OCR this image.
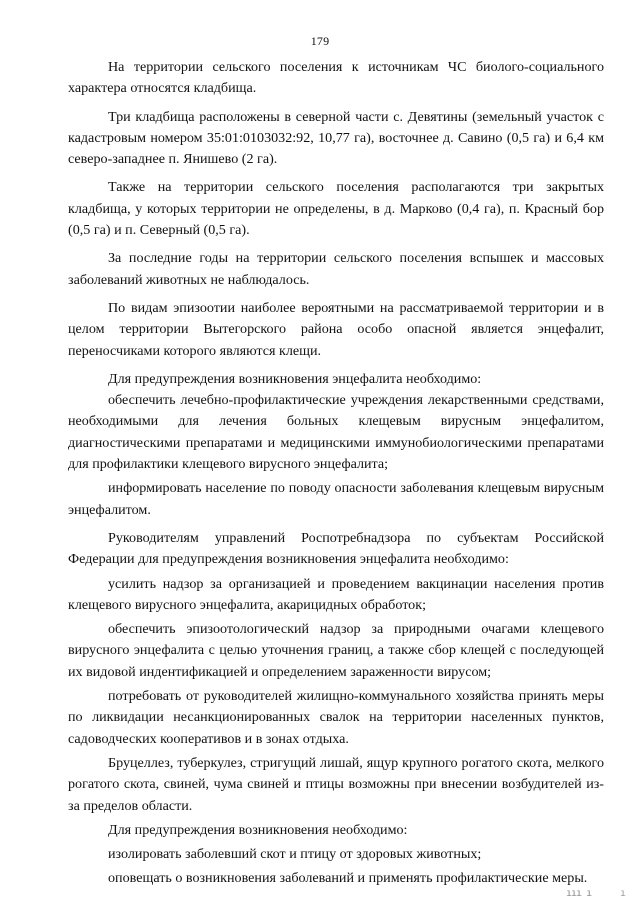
179

На территории сельского поселения к источникам ЧС биолого-социального характера относятся кладбища.

Три кладбища расположены в северной части с. Девятины (земельный участок с кадастровым номером 35:01:0103032:92, 10,77 га), восточнее д. Савино (0,5 га) и 6,4 км северо-западнее п. Янишево (2 га).

Также на территории сельского поселения располагаются три закрытых кладбища, у которых территории не определены, в д. Марково (0,4 га), п. Красный бор (0,5 га) и п. Северный (0,5 га).

За последние годы на территории сельского поселения вспышек и массовых заболеваний животных не наблюдалось.

По видам эпизоотии наиболее вероятными на рассматриваемой территории и в целом территории Вытегорского района особо опасной является энцефалит, переносчиками которого являются клещи.

Для предупреждения возникновения энцефалита необходимо:

обеспечить лечебно-профилактические учреждения лекарственными средствами, необходимыми для лечения больных клещевым вирусным энцефалитом, диагностическими препаратами и медицинскими иммунобиологическими препаратами для профилактики клещевого вирусного энцефалита;

информировать население по поводу опасности заболевания клещевым вирусным энцефалитом.

Руководителям управлений Роспотребнадзора по субъектам Российской Федерации для предупреждения возникновения энцефалита необходимо:

усилить надзор за организацией и проведением вакцинации населения против клещевого вирусного энцефалита, акарицидных обработок;

обеспечить эпизоотологический надзор за природными очагами клещевого вирусного энцефалита с целью уточнения границ, а также сбор клещей с последующей их видовой индентификацией и определением зараженности вирусом;

потребовать от руководителей жилищно-коммунального хозяйства принять меры по ликвидации несанкционированных свалок на территории населенных пунктов, садоводческих кооперативов и в зонах отдыха.

Бруцеллез, туберкулез, стригущий лишай, ящур крупного рогатого скота, мелкого рогатого скота, свиней, чума свиней и птицы возможны при внесении возбудителей из-за пределов области.

Для предупреждения возникновения необходимо:

изолировать заболевший скот и птицу от здоровых животных;

оповещать о возникновения заболеваний и применять профилактические меры.

ııı ı	ı
